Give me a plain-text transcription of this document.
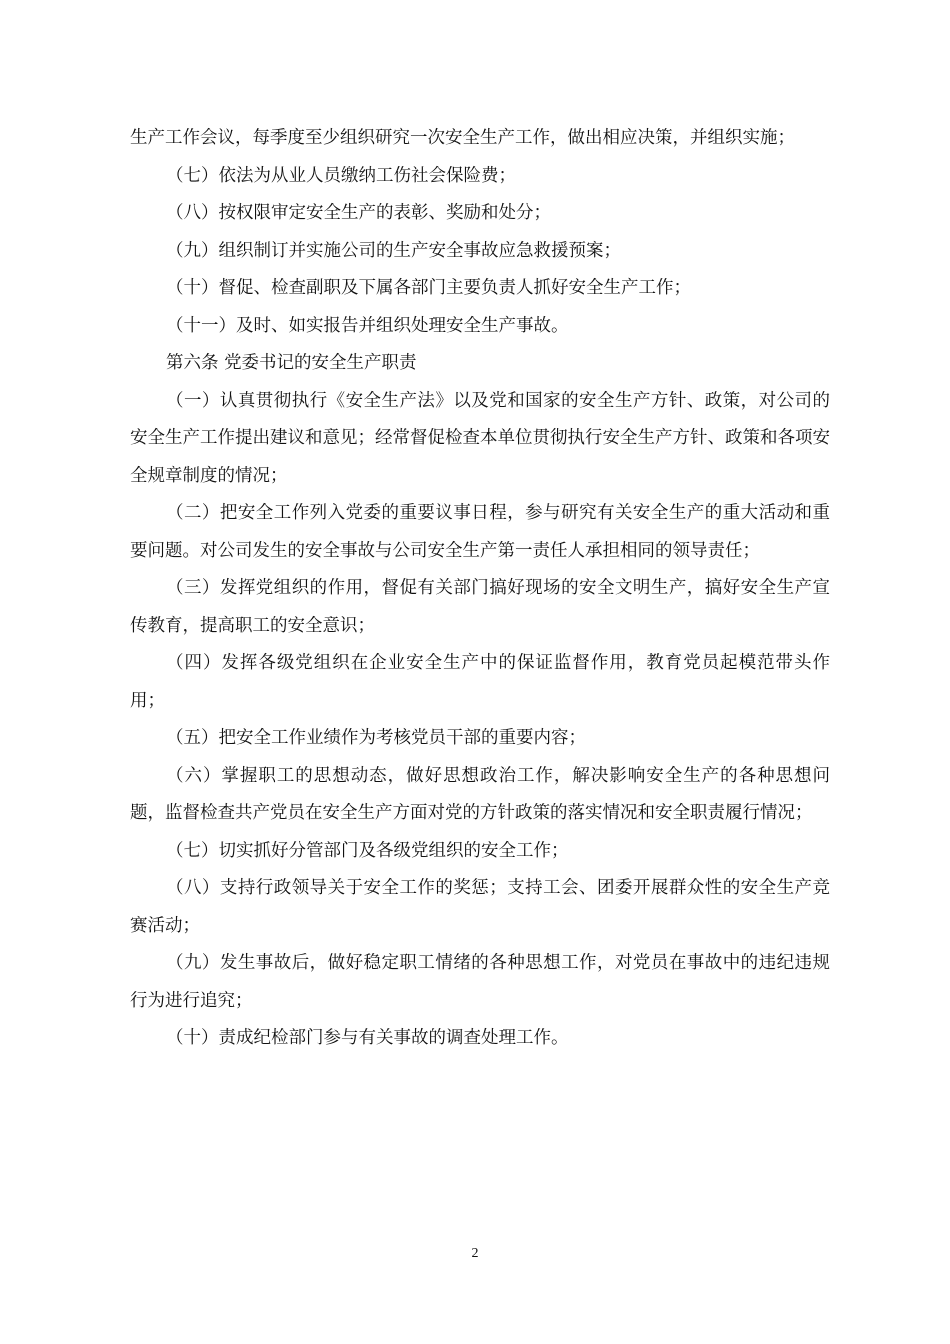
生产工作会议，每季度至少组织研究一次安全生产工作，做出相应决策，并组织实施；

（七）依法为从业人员缴纳工伤社会保险费；

（八）按权限审定安全生产的表彰、奖励和处分；

（九）组织制订并实施公司的生产安全事故应急救援预案；

（十）督促、检查副职及下属各部门主要负责人抓好安全生产工作；

（十一）及时、如实报告并组织处理安全生产事故。

第六条 党委书记的安全生产职责

（一）认真贯彻执行《安全生产法》以及党和国家的安全生产方针、政策，对公司的安全生产工作提出建议和意见；经常督促检查本单位贯彻执行安全生产方针、政策和各项安全规章制度的情况；

（二）把安全工作列入党委的重要议事日程，参与研究有关安全生产的重大活动和重要问题。对公司发生的安全事故与公司安全生产第一责任人承担相同的领导责任；

（三）发挥党组织的作用，督促有关部门搞好现场的安全文明生产，搞好安全生产宣传教育，提高职工的安全意识；

（四）发挥各级党组织在企业安全生产中的保证监督作用，教育党员起模范带头作用；

（五）把安全工作业绩作为考核党员干部的重要内容；

（六）掌握职工的思想动态，做好思想政治工作，解决影响安全生产的各种思想问题，监督检查共产党员在安全生产方面对党的方针政策的落实情况和安全职责履行情况；

（七）切实抓好分管部门及各级党组织的安全工作；

（八）支持行政领导关于安全工作的奖惩；支持工会、团委开展群众性的安全生产竞赛活动；

（九）发生事故后，做好稳定职工情绪的各种思想工作，对党员在事故中的违纪违规行为进行追究；

（十）责成纪检部门参与有关事故的调查处理工作。

2
